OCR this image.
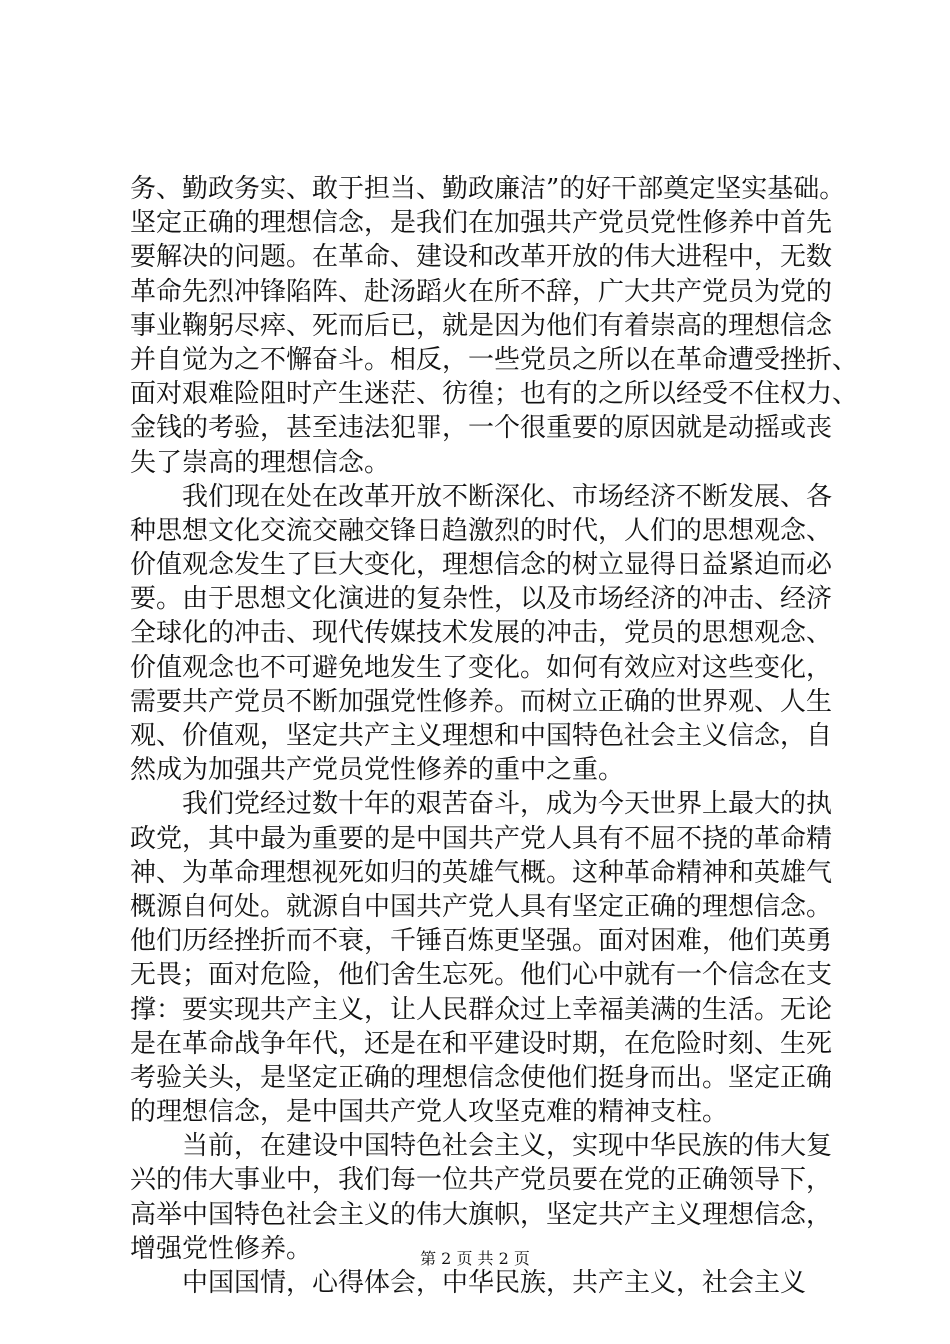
务、勤政务实、敢于担当、勤政廉洁”的好干部奠定坚实基础。
坚定正确的理想信念，是我们在加强共产党员党性修养中首先
要解决的问题。在革命、建设和改革开放的伟大进程中，无数
革命先烈冲锋陷阵、赴汤蹈火在所不辞，广大共产党员为党的
事业鞠躬尽瘁、死而后已，就是因为他们有着崇高的理想信念
并自觉为之不懈奋斗。相反，一些党员之所以在革命遭受挫折、
面对艰难险阻时产生迷茫、彷徨；也有的之所以经受不住权力、
金钱的考验，甚至违法犯罪，一个很重要的原因就是动摇或丧
失了崇高的理想信念。
　　我们现在处在改革开放不断深化、市场经济不断发展、各
种思想文化交流交融交锋日趋激烈的时代，人们的思想观念、
价值观念发生了巨大变化，理想信念的树立显得日益紧迫而必
要。由于思想文化演进的复杂性，以及市场经济的冲击、经济
全球化的冲击、现代传媒技术发展的冲击，党员的思想观念、
价值观念也不可避免地发生了变化。如何有效应对这些变化，
需要共产党员不断加强党性修养。而树立正确的世界观、人生
观、价值观，坚定共产主义理想和中国特色社会主义信念，自
然成为加强共产党员党性修养的重中之重。
　　我们党经过数十年的艰苦奋斗，成为今天世界上最大的执
政党，其中最为重要的是中国共产党人具有不屈不挠的革命精
神、为革命理想视死如归的英雄气概。这种革命精神和英雄气
概源自何处。就源自中国共产党人具有坚定正确的理想信念。
他们历经挫折而不衰，千锤百炼更坚强。面对困难，他们英勇
无畏；面对危险，他们舍生忘死。他们心中就有一个信念在支
撑：要实现共产主义，让人民群众过上幸福美满的生活。无论
是在革命战争年代，还是在和平建设时期，在危险时刻、生死
考验关头，是坚定正确的理想信念使他们挺身而出。坚定正确
的理想信念，是中国共产党人攻坚克难的精神支柱。
　　当前，在建设中国特色社会主义，实现中华民族的伟大复
兴的伟大事业中，我们每一位共产党员要在党的正确领导下，
高举中国特色社会主义的伟大旗帜，坚定共产主义理想信念，
增强党性修养。
　　中国国情，心得体会，中华民族，共产主义，社会主义
第 2 页 共 2 页
